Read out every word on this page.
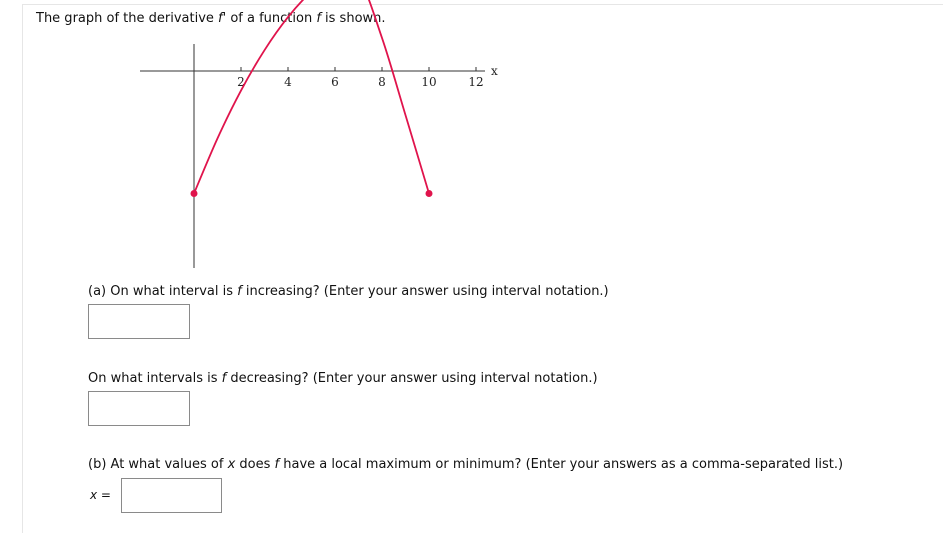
The graph of the derivative f' of a function f is shown.
2	4	6	8	10	12
x
(a) On what interval is f increasing? (Enter your answer using interval notation.)
On what intervals is f decreasing? (Enter your answer using interval notation.)
(b) At what values of x does f have a local maximum or minimum? (Enter your answers as a comma-separated list.)
x =
